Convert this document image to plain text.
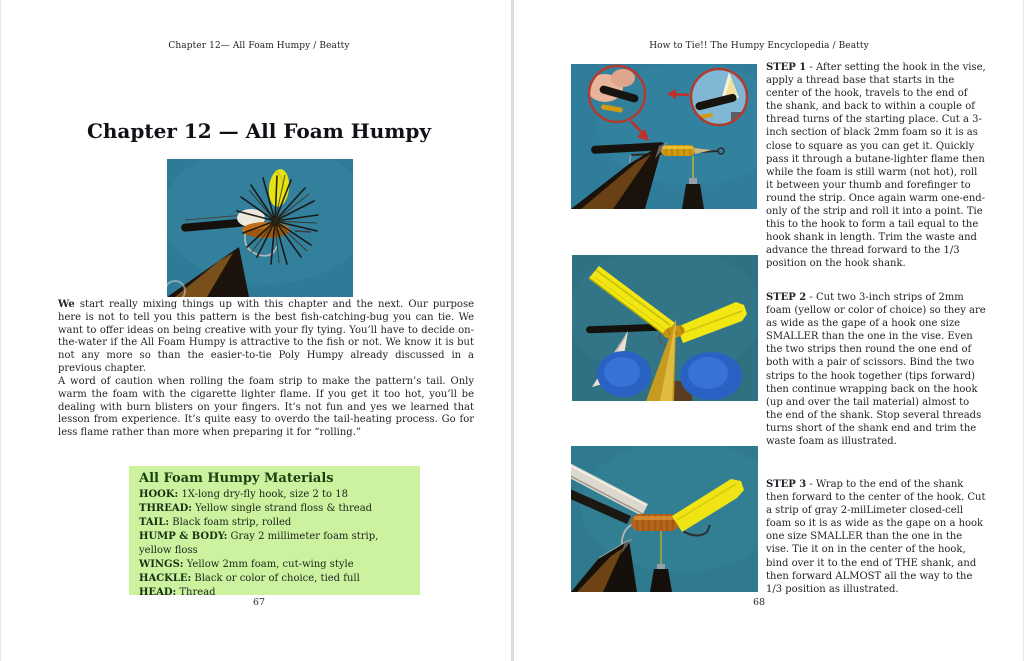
Chapter 12— All Foam Humpy / Beatty
Chapter 12 — All Foam Humpy

We start really mixing things up with this chapter and the next. Our purpose here is not to tell you this pattern is the best fish-catching-bug you can tie. We want to offer ideas on being creative with your fly tying. You’ll have to decide on-the-water if the All Foam Humpy is attractive to the fish or not. We know it is but not any more so than the easier-to-tie Poly Humpy already discussed in a previous chapter.

A word of caution when rolling the foam strip to make the pattern’s tail. Only warm the foam with the cigarette lighter flame. If you get it too hot, you’ll be dealing with burn blisters on your fingers. It’s not fun and yes we learned that lesson from experience. It’s quite easy to overdo the tail-heating process. Go for less flame rather than more when preparing it for “rolling.”

All Foam Humpy Materials

HOOK: 1X-long dry-fly hook, size 2 to 18
THREAD: Yellow single strand floss & thread
TAIL: Black foam strip, rolled
HUMP & BODY: Gray 2 millimeter foam strip, yellow floss
WINGS: Yellow 2mm foam, cut-wing style
HACKLE: Black or color of choice, tied full
HEAD: Thread
67
How to Tie!! The Humpy Encyclopedia / Beatty

STEP 1 - After setting the hook in the vise, apply a thread base that starts in the center of the hook, travels to the end of the shank, and back to within a couple of thread turns of the starting place. Cut a 3-inch section of black 2mm foam so it is as close to square as you can get it. Quickly pass it through a butane-lighter flame then while the foam is still warm (not hot), roll it between your thumb and forefinger to round the strip. Once again warm one-end-only of the strip and roll it into a point. Tie this to the hook to form a tail equal to the hook shank in length. Trim the waste and advance the thread forward to the 1/3 position on the hook shank.

STEP 2 - Cut two 3-inch strips of 2mm foam (yellow or color of choice) so they are as wide as the gape of a hook one size SMALLER than the one in the vise. Even the two strips then round the one end of both with a pair of scissors. Bind the two strips to the hook together (tips forward) then continue wrapping back on the hook (up and over the tail material) almost to the end of the shank. Stop several threads turns short of the shank end and trim the waste foam as illustrated.

STEP 3 - Wrap to the end of the shank then forward to the center of the hook. Cut a strip of gray 2-milLimeter closed-cell foam so it is as wide as the gape on a hook one size SMALLER than the one in the vise. Tie it on in the center of the hook, bind over it to the end of THE shank, and then forward ALMOST all the way to the 1/3 position as illustrated.

68
